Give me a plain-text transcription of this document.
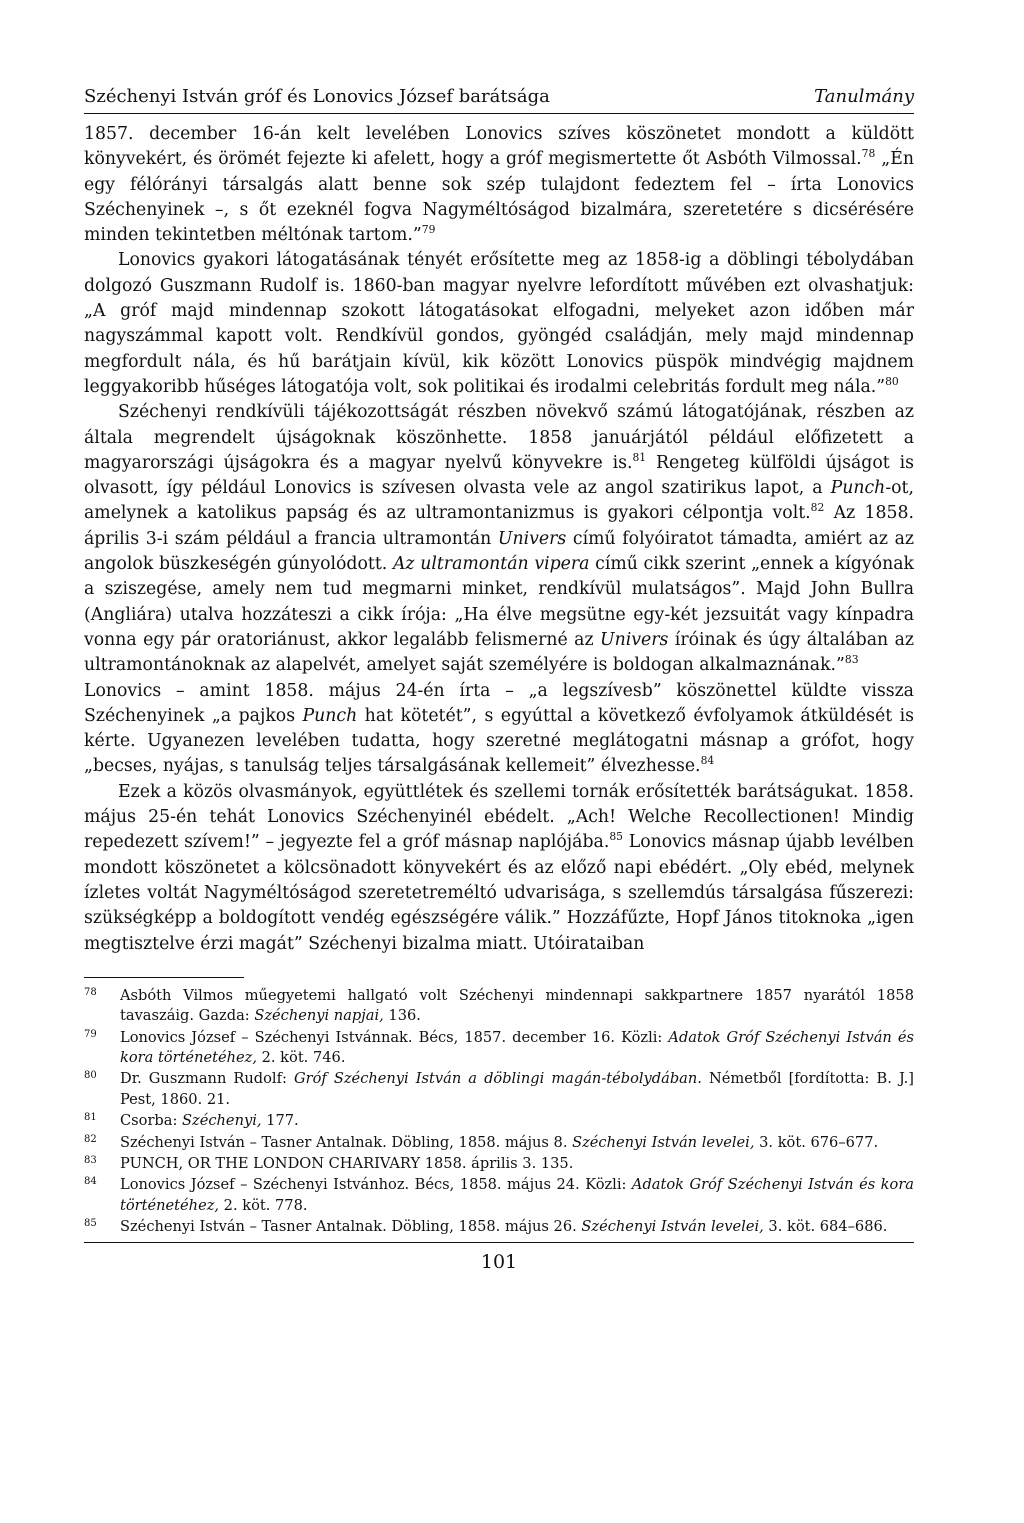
Széchenyi István gróf és Lonovics József barátsága	Tanulmány

1857. december 16-án kelt levelében Lonovics szíves köszönetet mondott a küldött könyvekért, és örömét fejezte ki afelett, hogy a gróf megismertette őt Asbóth Vilmossal.$^{78}$ „Én egy félórányi társalgás alatt benne sok szép tulajdont fedeztem fel – írta Lonovics Széchenyinek –, s őt ezeknél fogva Nagyméltóságod bizalmára, szeretetére s dicsérésére minden tekintetben méltónak tartom.”$^{79}$

Lonovics gyakori látogatásának tényét erősítette meg az 1858-ig a döblingi tébolydában dolgozó Guszmann Rudolf is. 1860-ban magyar nyelvre lefordított művében ezt olvashatjuk: „A gróf majd mindennap szokott látogatásokat elfogadni, melyeket azon időben már nagyszámmal kapott volt. Rendkívül gondos, gyöngéd családján, mely majd mindennap megfordult nála, és hű barátjain kívül, kik között Lonovics püspök mindvégig majdnem leggyakoribb hűséges látogatója volt, sok politikai és irodalmi celebritás fordult meg nála.”$^{80}$

Széchenyi rendkívüli tájékozottságát részben növekvő számú látogatójának, részben az általa megrendelt újságoknak köszönhette. 1858 januárjától például előfizetett a magyarországi újságokra és a magyar nyelvű könyvekre is.$^{81}$ Rengeteg külföldi újságot is olvasott, így például Lonovics is szívesen olvasta vele az angol szatirikus lapot, a Punch-ot, amelynek a katolikus papság és az ultramontanizmus is gyakori célpontja volt.$^{82}$ Az 1858. április 3-i szám például a francia ultramontán Univers című folyóiratot támadta, amiért az az angolok büszkeségén gúnyolódott. Az ultramontán vipera című cikk szerint „ennek a kígyónak a sziszegése, amely nem tud megmarni minket, rendkívül mulatságos”. Majd John Bullra (Angliára) utalva hozzáteszi a cikk írója: „Ha élve megsütne egy-két jezsuitát vagy kínpadra vonna egy pár oratoriánust, akkor legalább felismerné az Univers íróinak és úgy általában az ultramontánoknak az alapelvét, amelyet saját személyére is boldogan alkalmaznának.”$^{83}$

Lonovics – amint 1858. május 24-én írta – „a legszívesb” köszönettel küldte vissza Széchenyinek „a pajkos Punch hat kötetét”, s egyúttal a következő évfolyamok átküldését is kérte. Ugyanezen levelében tudatta, hogy szeretné meglátogatni másnap a grófot, hogy „becses, nyájas, s tanulság teljes társalgásának kellemeit” élvezhesse.$^{84}$

Ezek a közös olvasmányok, együttlétek és szellemi tornák erősítették barátságukat. 1858. május 25-én tehát Lonovics Széchenyinél ebédelt. „Ach! Welche Recollectionen! Mindig repedezett szívem!” – jegyezte fel a gróf másnap naplójába.$^{85}$ Lonovics másnap újabb levélben mondott köszönetet a kölcsönadott könyvekért és az előző napi ebédért. „Oly ebéd, melynek ízletes voltát Nagyméltóságod szeretetreméltó udvarisága, s szellemdús társalgása fűszerezi: szükségképp a boldogított vendég egészségére válik.” Hozzáfűzte, Hopf János titoknoka „igen megtisztelve érzi magát” Széchenyi bizalma miatt. Utóirataiban

78 Asbóth Vilmos műegyetemi hallgató volt Széchenyi mindennapi sakkpartnere 1857 nyarától 1858 tavaszáig. Gazda: Széchenyi napjai, 136.
79 Lonovics József – Széchenyi Istvánnak. Bécs, 1857. december 16. Közli: Adatok Gróf Széchenyi István és kora történetéhez, 2. köt. 746.
80 Dr. Guszmann Rudolf: Gróf Széchenyi István a döblingi magán-tébolydában. Németből [fordította: B. J.] Pest, 1860. 21.
81 Csorba: Széchenyi, 177.
82 Széchenyi István – Tasner Antalnak. Döbling, 1858. május 8. Széchenyi István levelei, 3. köt. 676–677.
83 PUNCH, OR THE LONDON CHARIVARY 1858. április 3. 135.
84 Lonovics József – Széchenyi Istvánhoz. Bécs, 1858. május 24. Közli: Adatok Gróf Széchenyi István és kora történetéhez, 2. köt. 778.
85 Széchenyi István – Tasner Antalnak. Döbling, 1858. május 26. Széchenyi István levelei, 3. köt. 684–686.
101
